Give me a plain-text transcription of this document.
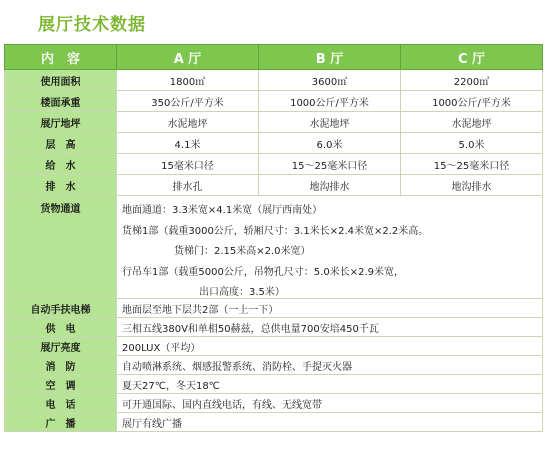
展厅技术数据
内　容	A 厅	B 厅	C 厅
使用面积	1800㎡	3600㎡	2200㎡
楼面承重	350公斤/平方米	1000公斤/平方米	1000公斤/平方米
展厅地坪	水泥地坪	水泥地坪	水泥地坪
层　高	4.1米	6.0米	5.0米
给　水	15毫米口径	15～25毫米口径	15～25毫米口径
排　水	排水孔	地沟排水	地沟排水
货物通道	地面通道：3.3米宽×4.1米宽（展厅西南处）
货梯1部（载重3000公斤，轿厢尺寸：3.1米长×2.4米宽×2.2米高。
货梯门：2.15米高×2.0米宽）
行吊车1部（载重5000公斤，吊物孔尺寸：5.0米长×2.9米宽，
出口高度：3.5米）		

自动手扶电梯	地面层至地下层共2部（一上一下）		
供　电	三相五线380V和单相50赫兹，总供电量700安培450千瓦		
展厅亮度	200LUX（平均）		
消　防	自动喷淋系统、烟感报警系统、消防栓、手提灭火器		
空　调	夏天27℃，冬天18℃		
电　话	可开通国际、国内直线电话，有线、无线宽带		
广　播	展厅有线广播		
